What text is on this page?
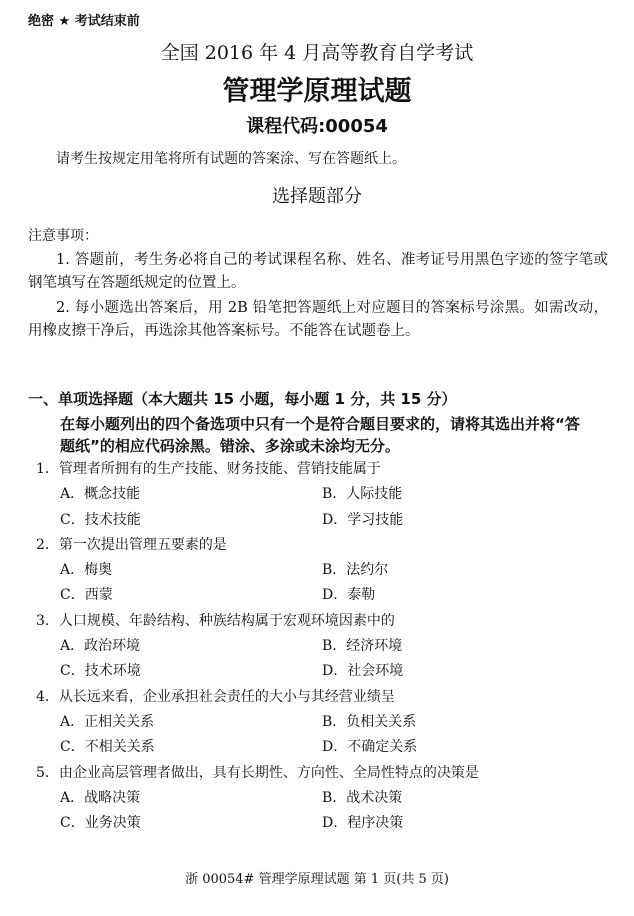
绝密 ★ 考试结束前
全国 2016 年 4 月高等教育自学考试
管理学原理试题
课程代码:00054
请考生按规定用笔将所有试题的答案涂、写在答题纸上。
选择题部分
注意事项：
1. 答题前，考生务必将自己的考试课程名称、姓名、准考证号用黑色字迹的签字笔或钢笔填写在答题纸规定的位置上。
2. 每小题选出答案后，用 2B 铅笔把答题纸上对应题目的答案标号涂黑。如需改动，用橡皮擦干净后，再选涂其他答案标号。不能答在试题卷上。
一、单项选择题（本大题共 15 小题，每小题 1 分，共 15 分）
在每小题列出的四个备选项中只有一个是符合题目要求的，请将其选出并将“答题纸”的相应代码涂黑。错涂、多涂或未涂均无分。
1．管理者所拥有的生产技能、财务技能、营销技能属于
A．概念技能	B．人际技能
C．技术技能	D．学习技能
2．第一次提出管理五要素的是
A．梅奥	B．法约尔
C．西蒙	D．泰勒
3．人口规模、年龄结构、种族结构属于宏观环境因素中的
A．政治环境	B．经济环境
C．技术环境	D．社会环境
4．从长远来看，企业承担社会责任的大小与其经营业绩呈
A．正相关关系	B．负相关关系
C．不相关关系	D．不确定关系
5．由企业高层管理者做出，具有长期性、方向性、全局性特点的决策是
A．战略决策	B．战术决策
C．业务决策	D．程序决策
浙 00054# 管理学原理试题 第 1 页(共 5 页)
